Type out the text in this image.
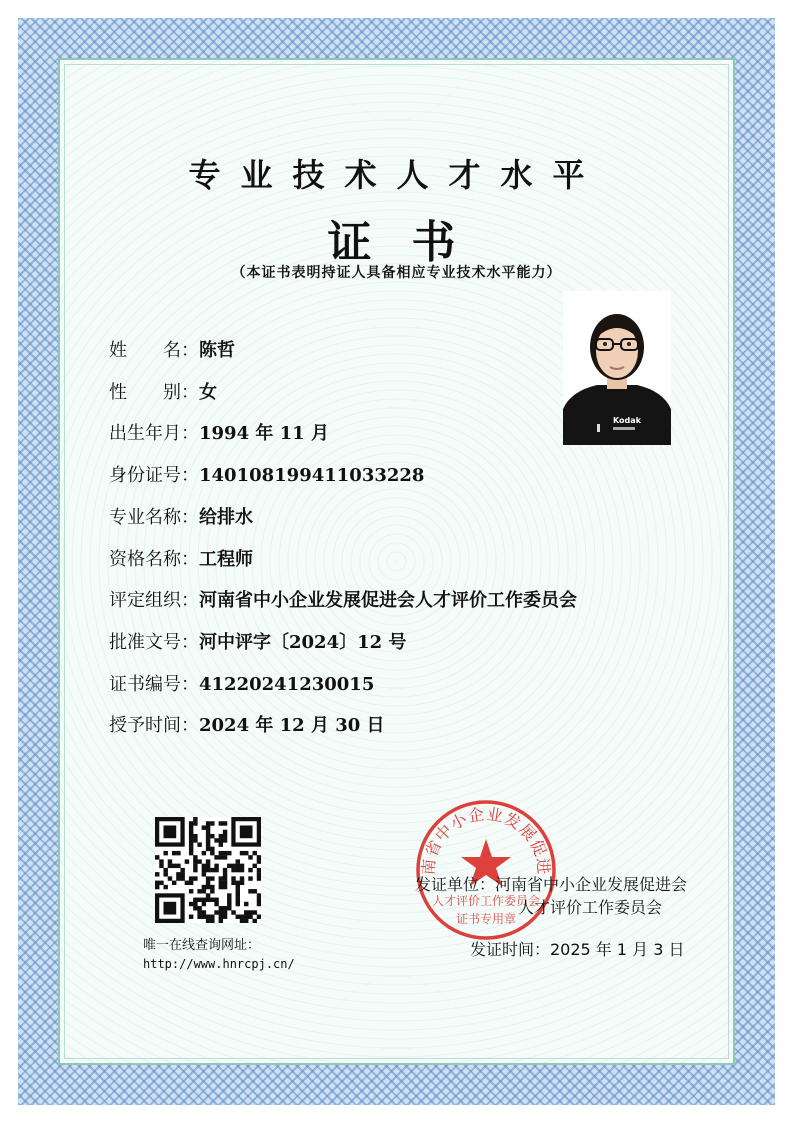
专业技术人才水平
证书
（本证书表明持证人具备相应专业技术水平能力）
Kodak
姓　　名：陈哲
性　　别：女
出生年月：1994 年 11 月
身份证号：140108199411033228
专业名称：给排水
资格名称：工程师
评定组织：河南省中小企业发展促进会人才评价工作委员会
批准文号：河中评字〔2024〕12 号
证书编号：41220241230015
授予时间：2024 年 12 月 30 日
唯一在线查询网址：
http://www.hnrcpj.cn/
南省中小企业发展促进
人才评价工作委员会
证书专用章
发证单位：河南省中小企业发展促进会
人才评价工作委员会
发证时间：2025 年 1 月 3 日
